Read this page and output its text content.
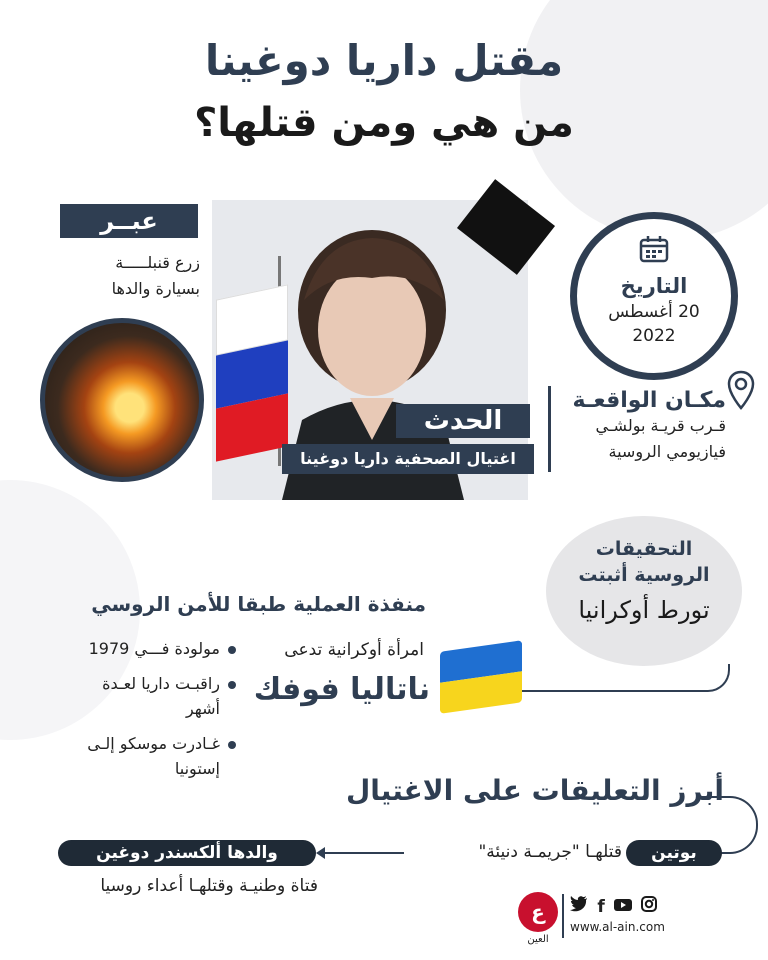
مقتل داريا دوغينا
من هي ومن قتلها؟
عبــر
زرع قنبلـــــة
بسيارة والدها
الحدث
اغتيال الصحفية داريا دوغينا
التاريخ
20 أغسطس
2022
مكـان الواقعـة
قـرب قريـة بولشـي
فيازيومي الروسية
التحقيقات
الروسية أثبتت
تورط أوكرانيا
منفذة العملية طبقا للأمن الروسي
امرأة أوكرانية تدعى
ناتاليا فوفك
مولودة فـــي 1979
راقبـت داريا لعـدة
أشهر
غـادرت موسكو إلـى
إستونيا
أبرز التعليقات على الاغتيال
بوتين
قتلهـا "جريمـة دنيئة"
والدها ألكسندر دوغين
فتاة وطنيـة وقتلهـا أعداء روسيا
ع
العين
f
www.al-ain.com
